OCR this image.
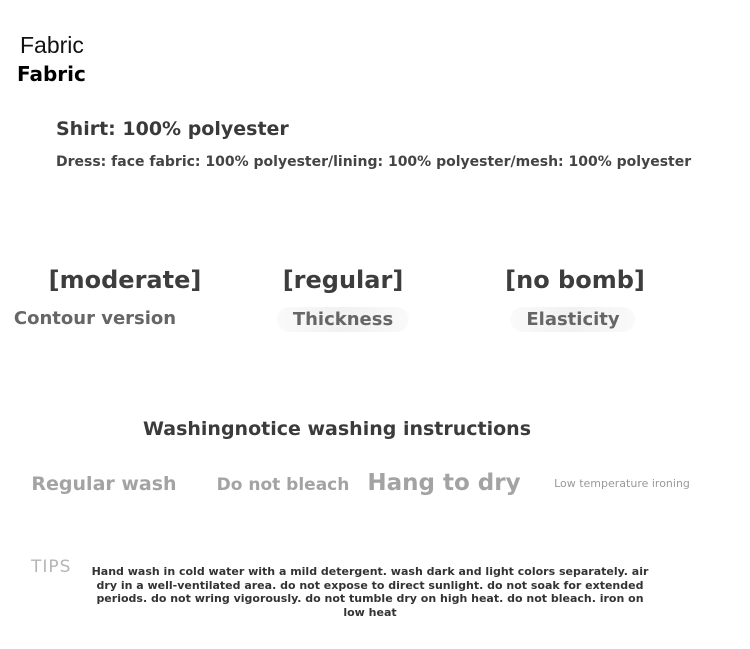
Fabric
Fabric
Shirt: 100% polyester
Dress: face fabric: 100% polyester/lining: 100% polyester/mesh: 100% polyester
[moderate]
Contour version
[regular]
Thickness
[no bomb]
Elasticity
Washingnotice washing instructions
Regular wash Do not bleach Hang to dry	Low temperature ironing
TIPS Hand wash in cold water with a mild detergent. wash dark and light colors separately. air dry in a well-ventilated area. do not expose to direct sunlight. do not soak for extended periods. do not wring vigorously. do not tumble dry on high heat. do not bleach. iron on low heat
